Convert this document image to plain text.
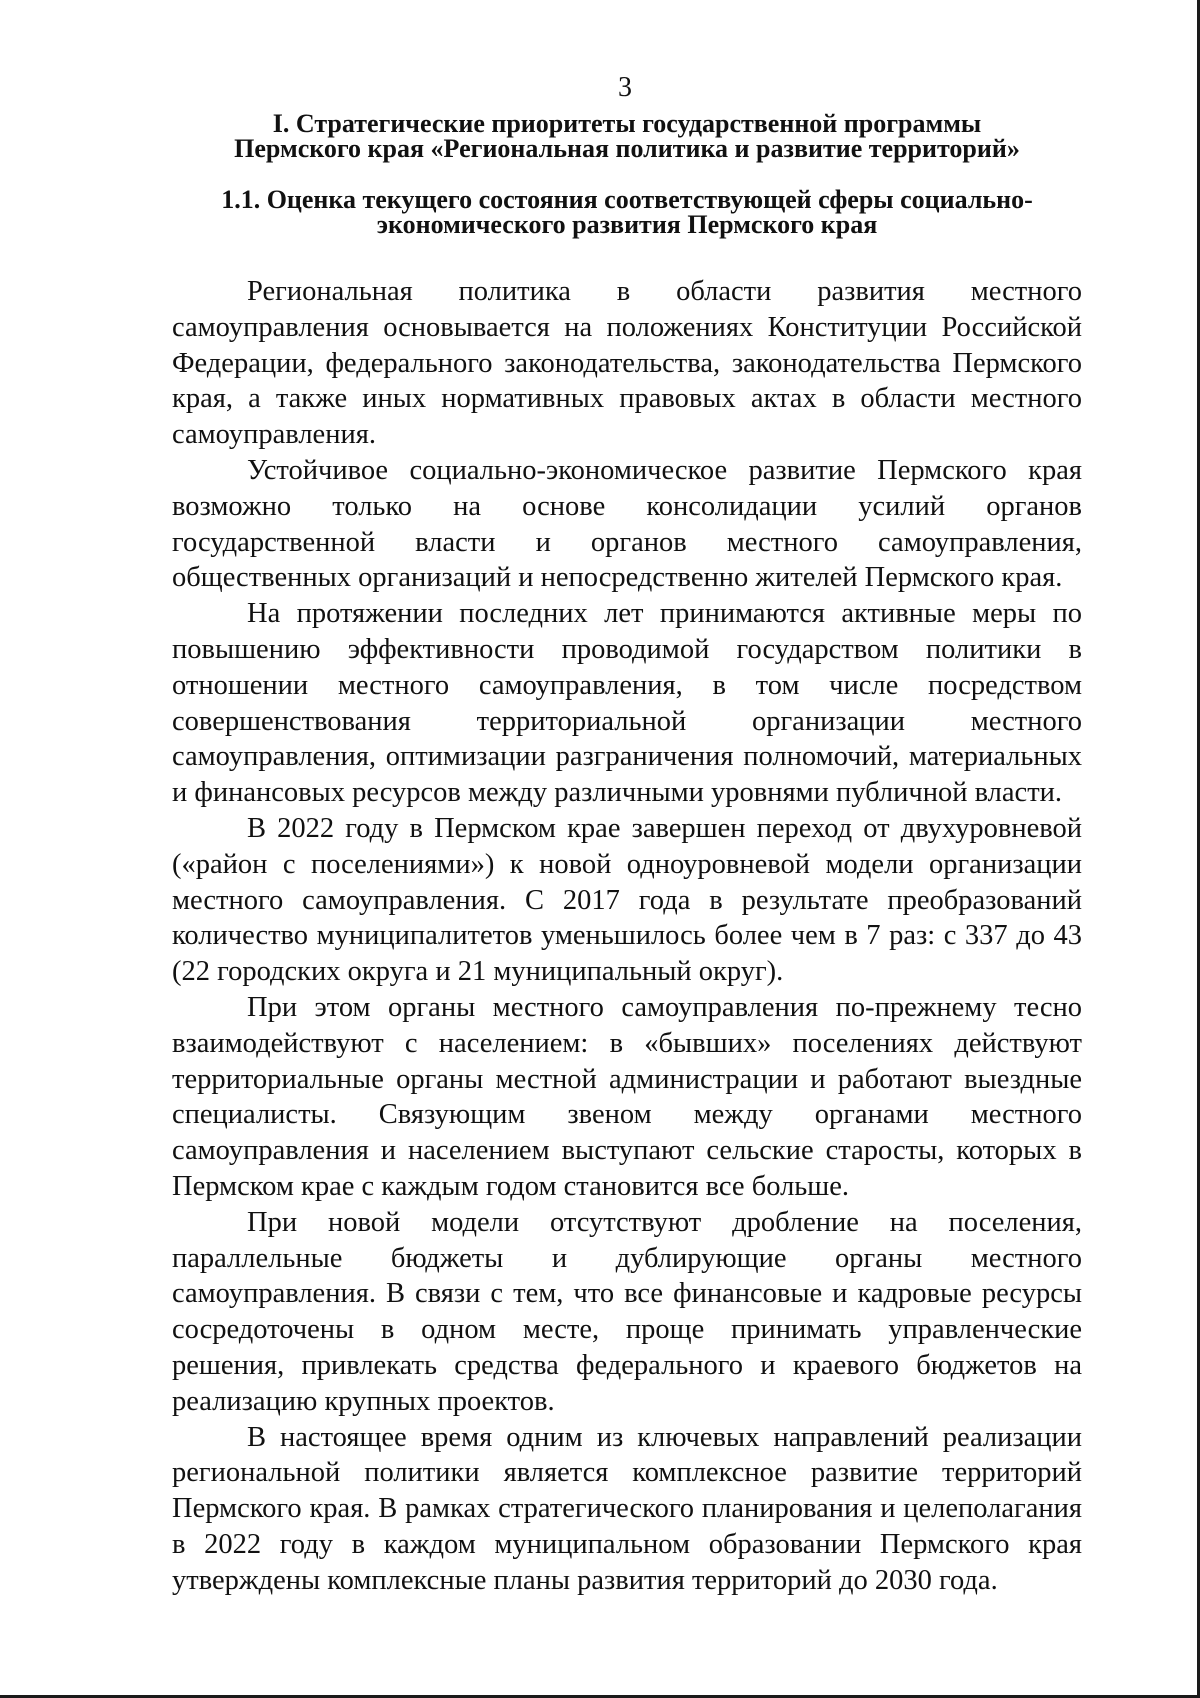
3
I. Стратегические приоритеты государственной программы
Пермского края «Региональная политика и развитие территорий»
1.1. Оценка текущего состояния соответствующей сферы социально-
экономического развития Пермского края

Региональная политика в области развития местного самоуправления основывается на положениях Конституции Российской Федерации, федерального законодательства, законодательства Пермского края, а также иных нормативных правовых актах в области местного самоуправления.

Устойчивое социально-экономическое развитие Пермского края возможно только на основе консолидации усилий органов государственной власти и органов местного самоуправления, общественных организаций и непосредственно жителей Пермского края.

На протяжении последних лет принимаются активные меры по повышению эффективности проводимой государством политики в отношении местного самоуправления, в том числе посредством совершенствования территориальной организации местного самоуправления, оптимизации разграничения полномочий, материальных и финансовых ресурсов между различными уровнями публичной власти.

В 2022 году в Пермском крае завершен переход от двухуровневой («район с поселениями») к новой одноуровневой модели организации местного самоуправления. С 2017 года в результате преобразований количество муниципалитетов уменьшилось более чем в 7 раз: с 337 до 43 (22 городских округа и 21 муниципальный округ).

При этом органы местного самоуправления по-прежнему тесно взаимодействуют с населением: в «бывших» поселениях действуют территориальные органы местной администрации и работают выездные специалисты. Связующим звеном между органами местного самоуправления и населением выступают сельские старосты, которых в Пермском крае с каждым годом становится все больше.

При новой модели отсутствуют дробление на поселения, параллельные бюджеты и дублирующие органы местного самоуправления. В связи с тем, что все финансовые и кадровые ресурсы сосредоточены в одном месте, проще принимать управленческие решения, привлекать средства федерального и краевого бюджетов на реализацию крупных проектов.

В настоящее время одним из ключевых направлений реализации региональной политики является комплексное развитие территорий Пермского края. В рамках стратегического планирования и целеполагания в 2022 году в каждом муниципальном образовании Пермского края утверждены комплексные планы развития территорий до 2030 года.
